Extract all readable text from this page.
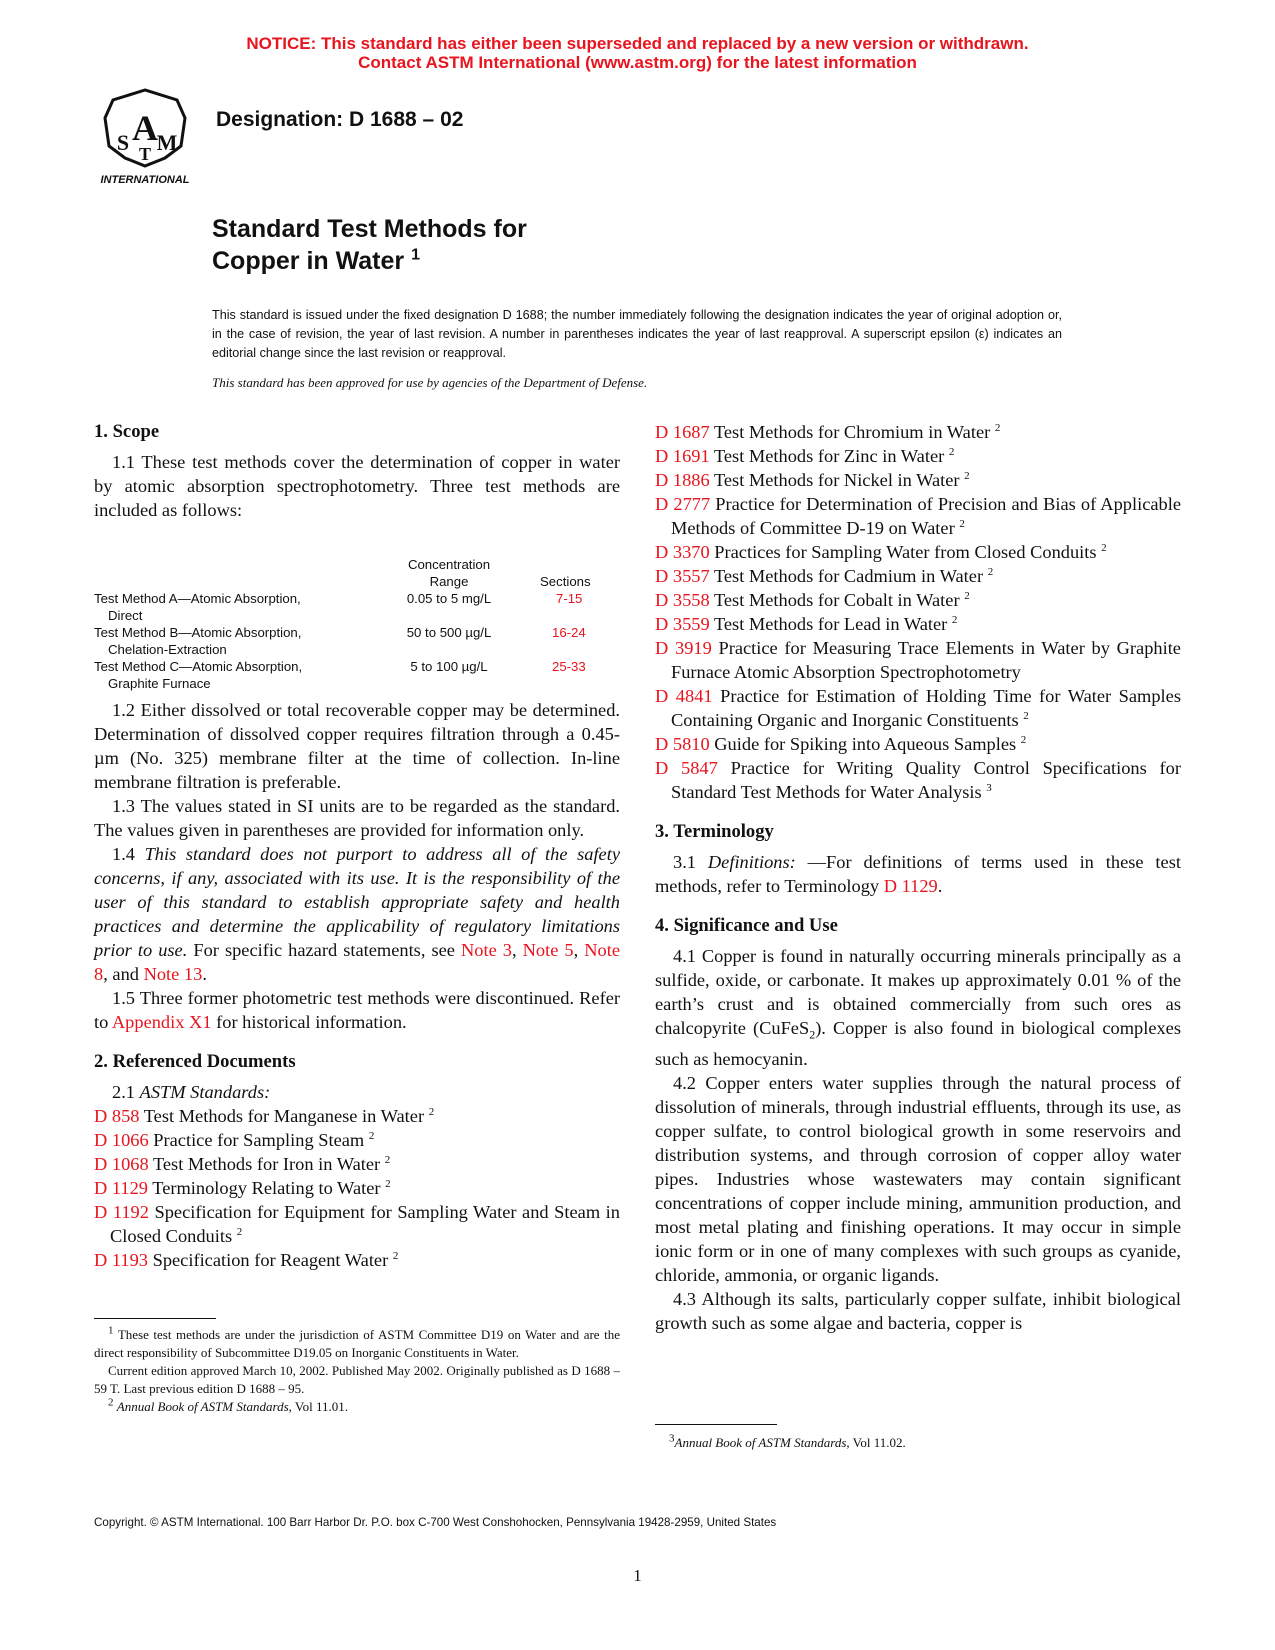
NOTICE: This standard has either been superseded and replaced by a new version or withdrawn.
Contact ASTM International (www.astm.org) for the latest information
A
S M
T
INTERNATIONAL
Designation: D 1688 – 02
Standard Test Methods for
Copper in Water $^1$
This standard is issued under the fixed designation D 1688; the number immediately following the designation indicates the year of original adoption or, in the case of revision, the year of last revision. A number in parentheses indicates the year of last reapproval. A superscript epsilon (ε) indicates an editorial change since the last revision or reapproval.
This standard has been approved for use by agencies of the Department of Defense.

1. Scope

1.1 These test methods cover the determination of copper in water by atomic absorption spectrophotometry. Three test methods are included as follows:

Concentration Range	Sections
Test Method A—Atomic Absorption,
Direct
0.05 to 5 mg/L	7-15
Test Method B—Atomic Absorption,
Chelation-Extraction
50 to 500 µg/L	16-24
Test Method C—Atomic Absorption,
Graphite Furnace
5 to 100 µg/L	25-33

1.2 Either dissolved or total recoverable copper may be determined. Determination of dissolved copper requires filtration through a 0.45-µm (No. 325) membrane filter at the time of collection. In-line membrane filtration is preferable.

1.3 The values stated in SI units are to be regarded as the standard. The values given in parentheses are provided for information only.

1.4 This standard does not purport to address all of the safety concerns, if any, associated with its use. It is the responsibility of the user of this standard to establish appropriate safety and health practices and determine the applicability of regulatory limitations prior to use. For specific hazard statements, see Note 3, Note 5, Note 8, and Note 13.

1.5 Three former photometric test methods were discontinued. Refer to Appendix X1 for historical information.

2. Referenced Documents

2.1 ASTM Standards:

D 858 Test Methods for Manganese in Water $^2$

D 1066 Practice for Sampling Steam $^2$

D 1068 Test Methods for Iron in Water $^2$

D 1129 Terminology Relating to Water $^2$

D 1192 Specification for Equipment for Sampling Water and Steam in Closed Conduits $^2$

D 1193 Specification for Reagent Water $^2$

$^1$ These test methods are under the jurisdiction of ASTM Committee D19 on Water and are the direct responsibility of Subcommittee D19.05 on Inorganic Constituents in Water.

Current edition approved March 10, 2002. Published May 2002. Originally published as D 1688 – 59 T. Last previous edition D 1688 – 95.

$^2$ Annual Book of ASTM Standards, Vol 11.01.

D 1687 Test Methods for Chromium in Water $^2$

D 1691 Test Methods for Zinc in Water $^2$

D 1886 Test Methods for Nickel in Water $^2$

D 2777 Practice for Determination of Precision and Bias of Applicable Methods of Committee D-19 on Water $^2$

D 3370 Practices for Sampling Water from Closed Conduits $^2$

D 3557 Test Methods for Cadmium in Water $^2$

D 3558 Test Methods for Cobalt in Water $^2$

D 3559 Test Methods for Lead in Water $^2$

D 3919 Practice for Measuring Trace Elements in Water by Graphite Furnace Atomic Absorption Spectrophotometry

D 4841 Practice for Estimation of Holding Time for Water Samples Containing Organic and Inorganic Constituents $^2$

D 5810 Guide for Spiking into Aqueous Samples $^2$

D 5847 Practice for Writing Quality Control Specifications for Standard Test Methods for Water Analysis $^3$

3. Terminology

3.1 Definitions: —For definitions of terms used in these test methods, refer to Terminology D 1129.

4. Significance and Use

4.1 Copper is found in naturally occurring minerals principally as a sulfide, oxide, or carbonate. It makes up approximately 0.01 % of the earth’s crust and is obtained commercially from such ores as chalcopyrite (CuFeS$_2$). Copper is also found in biological complexes such as hemocyanin.

4.2 Copper enters water supplies through the natural process of dissolution of minerals, through industrial effluents, through its use, as copper sulfate, to control biological growth in some reservoirs and distribution systems, and through corrosion of copper alloy water pipes. Industries whose wastewaters may contain significant concentrations of copper include mining, ammunition production, and most metal plating and finishing operations. It may occur in simple ionic form or in one of many complexes with such groups as cyanide, chloride, ammonia, or organic ligands.

4.3 Although its salts, particularly copper sulfate, inhibit biological growth such as some algae and bacteria, copper is

$^3$Annual Book of ASTM Standards, Vol 11.02.

Copyright. © ASTM International. 100 Barr Harbor Dr. P.O. box C-700 West Conshohocken, Pennsylvania 19428-2959, United States
1
